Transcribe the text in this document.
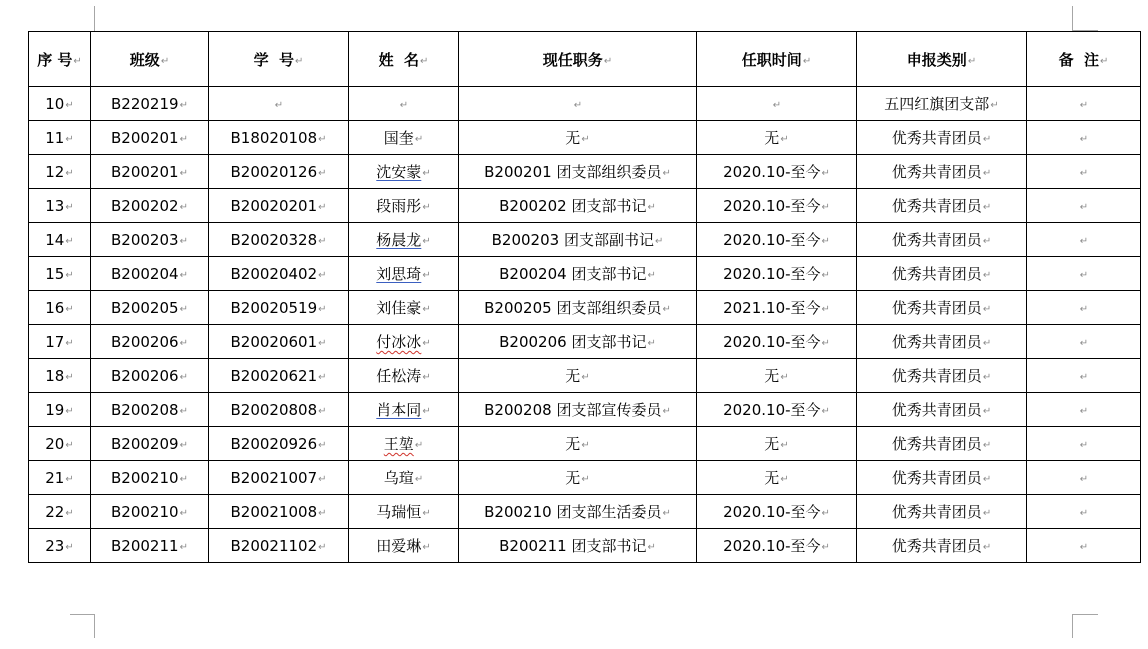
序 号↵	班级↵	学  号↵	姓  名↵	现任职务↵	任职时间↵	申报类别↵	备  注↵
10↵	B220219↵	↵	↵	↵	↵	五四红旗团支部↵	↵
11↵	B200201↵	B18020108↵	国奎↵	无↵	无↵	优秀共青团员↵	↵
12↵	B200201↵	B20020126↵	沈安蒙↵	B200201 团支部组织委员↵	2020.10-至今↵	优秀共青团员↵	↵
13↵	B200202↵	B20020201↵	段雨彤↵	B200202 团支部书记↵	2020.10-至今↵	优秀共青团员↵	↵
14↵	B200203↵	B20020328↵	杨晨龙↵	B200203 团支部副书记↵	2020.10-至今↵	优秀共青团员↵	↵
15↵	B200204↵	B20020402↵	刘思琦↵	B200204 团支部书记↵	2020.10-至今↵	优秀共青团员↵	↵
16↵	B200205↵	B20020519↵	刘佳豪↵	B200205 团支部组织委员↵	2021.10-至今↵	优秀共青团员↵	↵
17↵	B200206↵	B20020601↵	付冰冰↵	B200206 团支部书记↵	2020.10-至今↵	优秀共青团员↵	↵
18↵	B200206↵	B20020621↵	任松涛↵	无↵	无↵	优秀共青团员↵	↵
19↵	B200208↵	B20020808↵	肖本同↵	B200208 团支部宣传委员↵	2020.10-至今↵	优秀共青团员↵	↵
20↵	B200209↵	B20020926↵	王堃↵	无↵	无↵	优秀共青团员↵	↵
21↵	B200210↵	B20021007↵	乌瑄↵	无↵	无↵	优秀共青团员↵	↵
22↵	B200210↵	B20021008↵	马瑞恒↵	B200210 团支部生活委员↵	2020.10-至今↵	优秀共青团员↵	↵
23↵	B200211↵	B20021102↵	田爱琳↵	B200211 团支部书记↵	2020.10-至今↵	优秀共青团员↵	↵
